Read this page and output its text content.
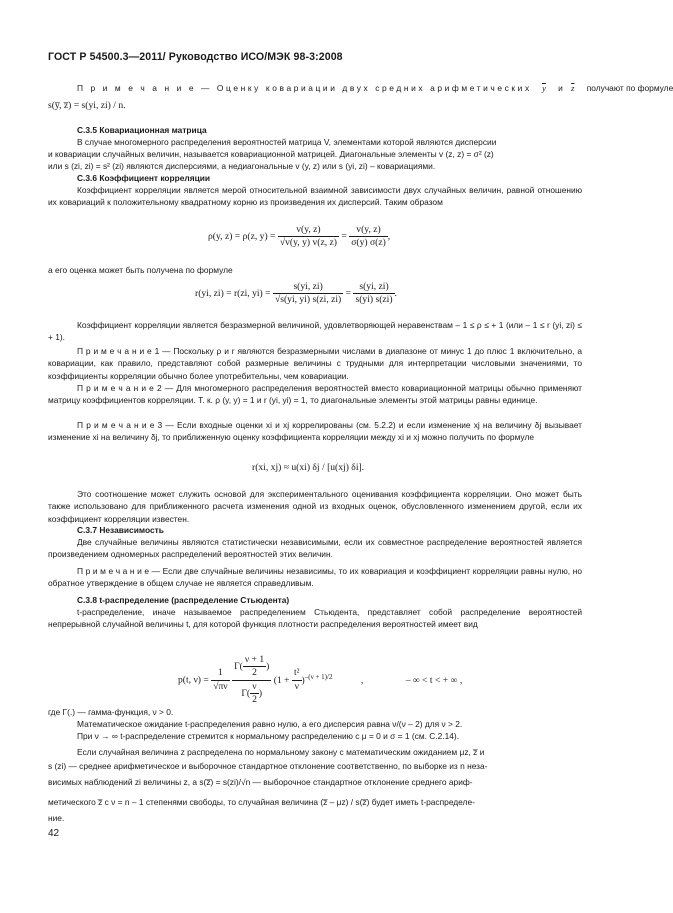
ГОСТ Р 54500.3—2011/ Руководство ИСО/МЭК 98-3:2008
П р и м е ч а н и е — Оценку ковариации двух средних арифметических $\overline{y}$ и $\overline{z}$ получают по формуле
s(y̅, z̅) = s(yi, zi) / n.
C.3.5 Ковариационная матрица
В случае многомерного распределения вероятностей матрица V, элементами которой являются дисперсии
и ковариации случайных величин, называется ковариационной матрицей. Диагональные элементы v (z, z) = σ² (z)
или s (zi, zi) = s² (zi) являются дисперсиями, а недиагональные v (y, z) или s (yi, zi) – ковариациями.
C.3.6 Коэффициент корреляции
Коэффициент корреляции является мерой относительной взаимной зависимости двух случайных величин, равной отношению их ковариаций к положительному квадратному корню из произведения их дисперсий. Таким образом
ρ(y, z) = ρ(z, $y) = \frac{v(y, z)}{√v(y, y) v(z, z)} = \frac{v(y, z)}{\sigma(y) \sigma(z)}$ ,
а его оценка может быть получена по формуле
r(yi, zi) = r(zi, $yi) = \frac{s(yi, zi)}{√s(yi, yi) s(zi, zi)} = \frac{s(yi, zi)}{s(yi) s(zi)}$ .
Коэффициент корреляции является безразмерной величиной, удовлетворяющей неравенствам – 1 ≤ ρ ≤ + 1 (или – 1 ≤ r (yi, zi) ≤ + 1).
П р и м е ч а н и е 1 — Поскольку ρ и r являются безразмерными числами в диапазоне от минус 1 до плюс 1 включительно, а ковариации, как правило, представляют собой размерные величины с трудными для интерпретации числовыми значениями, то коэффициенты корреляции обычно более употребительны, чем ковариации.
П р и м е ч а н и е 2 — Для многомерного распределения вероятностей вместо ковариационной матрицы обычно применяют матрицу коэффициентов корреляции. Т. к. ρ (y, y) = 1 и r (yi, yi) = 1, то диагональные элементы этой матрицы равны единице.
П р и м е ч а н и е 3 — Если входные оценки xi и xj коррелированы (см. 5.2.2) и если изменение xj на величину δj вызывает изменение xi на величину δj, то приближенную оценку коэффициента корреляции между xi и xj можно получить по формуле
r(xi, xj) ≈ u(xi) δj / [u(xj) δi].
Это соотношение может служить основой для экспериментального оценивания коэффициента корреляции. Оно может быть также использовано для приближенного расчета изменения одной из входных оценок, обусловленного изменением другой, если их коэффициент корреляции известен.
C.3.7 Независимость
Две случайные величины являются статистически независимыми, если их совместное распределение вероятностей является произведением одномерных распределений вероятностей этих величин.
П р и м е ч а н и е — Если две случайные величины независимы, то их ковариация и коэффициент корреляции равны нулю, но обратное утверждение в общем случае не является справедливым.
C.3.8 t-распределение (распределение Стьюдента)
t-распределение, иначе называемое распределением Стьюдента, представляет собой распределение вероятностей непрерывной случайной величины t, для которой функция плотности распределения вероятностей имеет вид
p(t, $\nu) = \frac{1}{√\pi\nu}$
$\frac{\Gamma( \frac{\nu + 1}{2} )}{\Gamma( \frac{\nu}{2} )} (1 + \frac{\text{t²}}{\nu} )^{-(\nu + 1)/2}$	,	– ∞ < t < + ∞ ,
где Γ(.) — гамма-функция, ν > 0.
Математическое ожидание t-распределения равно нулю, а его дисперсия равна ν/(ν – 2) для ν > 2.
При ν → ∞ t-распределение стремится к нормальному распределению с μ = 0 и σ = 1 (см. C.2.14).
Если случайная величина z распределена по нормальному закону с математическим ожиданием μz, z̅ и
s (zi) — среднее арифметическое и выборочное стандартное отклонение соответственно, по выборке из n неза-
висимых наблюдений zi величины z, а s(z̅) = s(zi)/√n — выборочное стандартное отклонение среднего ариф-
метического z̅ с ν = n – 1 степенями свободы, то случайная величина (z̅ – μz) / s(z̅) будет иметь t-распределе-
ние.
42
